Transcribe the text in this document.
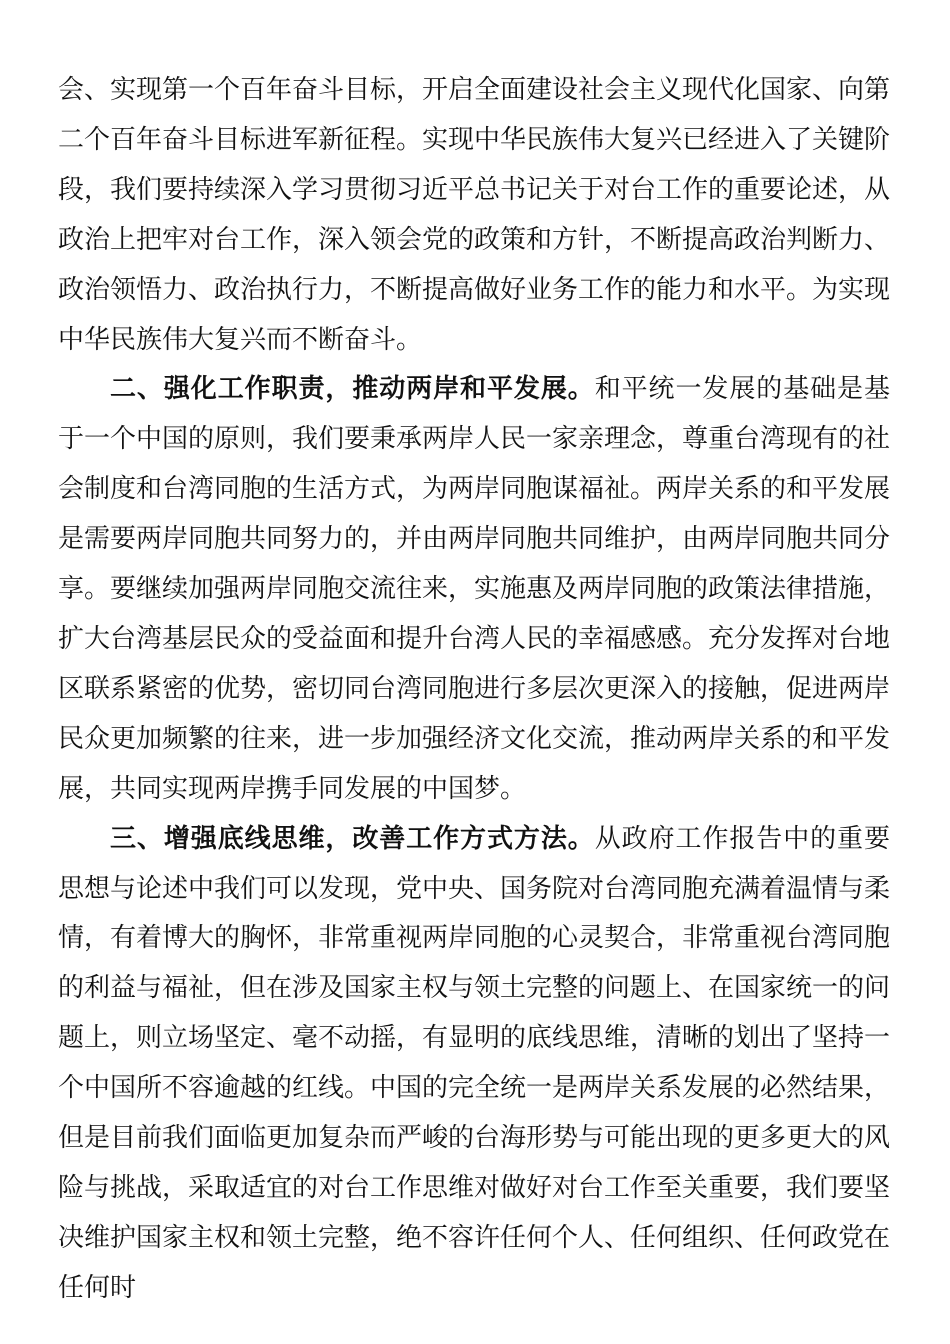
会、实现第一个百年奋斗目标，开启全面建设社会主义现代化国家、向第二个百年奋斗目标进军新征程。实现中华民族伟大复兴已经进入了关键阶段，我们要持续深入学习贯彻习近平总书记关于对台工作的重要论述，从政治上把牢对台工作，深入领会党的政策和方针，不断提高政治判断力、政治领悟力、政治执行力，不断提高做好业务工作的能力和水平。为实现中华民族伟大复兴而不断奋斗。

二、强化工作职责，推动两岸和平发展。和平统一发展的基础是基于一个中国的原则，我们要秉承两岸人民一家亲理念，尊重台湾现有的社会制度和台湾同胞的生活方式，为两岸同胞谋福祉。两岸关系的和平发展是需要两岸同胞共同努力的，并由两岸同胞共同维护，由两岸同胞共同分享。要继续加强两岸同胞交流往来，实施惠及两岸同胞的政策法律措施，扩大台湾基层民众的受益面和提升台湾人民的幸福感感。充分发挥对台地区联系紧密的优势，密切同台湾同胞进行多层次更深入的接触，促进两岸民众更加频繁的往来，进一步加强经济文化交流，推动两岸关系的和平发展，共同实现两岸携手同发展的中国梦。

三、增强底线思维，改善工作方式方法。从政府工作报告中的重要思想与论述中我们可以发现，党中央、国务院对台湾同胞充满着温情与柔情，有着博大的胸怀，非常重视两岸同胞的心灵契合，非常重视台湾同胞的利益与福祉，但在涉及国家主权与领土完整的问题上、在国家统一的问题上，则立场坚定、毫不动摇，有显明的底线思维，清晰的划出了坚持一个中国所不容逾越的红线。中国的完全统一是两岸关系发展的必然结果，但是目前我们面临更加复杂而严峻的台海形势与可能出现的更多更大的风险与挑战，采取适宜的对台工作思维对做好对台工作至关重要，我们要坚决维护国家主权和领土完整，绝不容许任何个人、任何组织、任何政党在任何时
